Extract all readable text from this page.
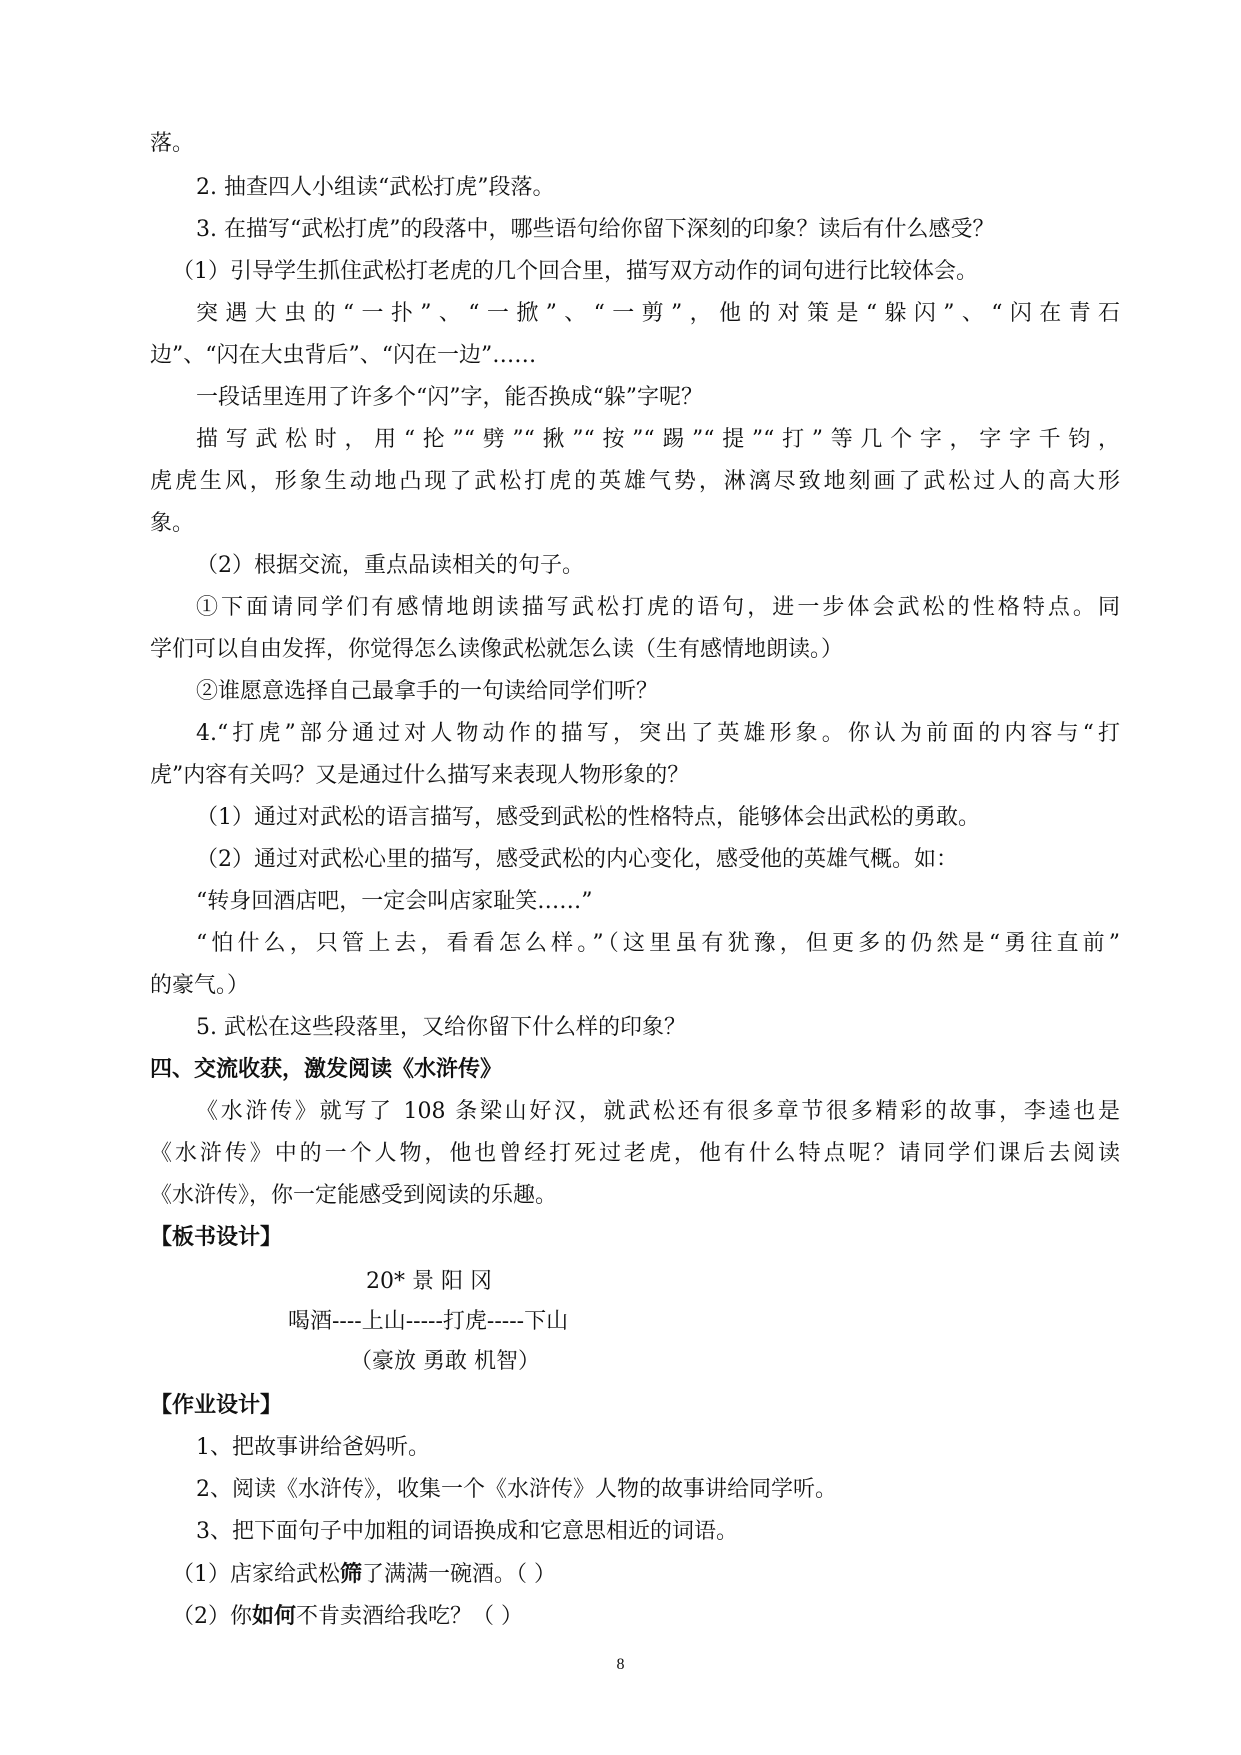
落。
2. 抽查四人小组读“武松打虎”段落。
3. 在描写“武松打虎”的段落中，哪些语句给你留下深刻的印象？读后有什么感受？
（1）引导学生抓住武松打老虎的几个回合里，描写双方动作的词句进行比较体会。
突遇大虫的“一扑”、“一掀”、“一剪”，他的对策是“躲闪”、“闪在青石
边”、“闪在大虫背后”、“闪在一边”……
一段话里连用了许多个“闪”字，能否换成“躲”字呢？
描写武松时，用“抡”“劈”“揪”“按”“踢”“提”“打”等几个字，字字千钧，
虎虎生风，形象生动地凸现了武松打虎的英雄气势，淋漓尽致地刻画了武松过人的高大形
象。
（2）根据交流，重点品读相关的句子。
①下面请同学们有感情地朗读描写武松打虎的语句，进一步体会武松的性格特点。同
学们可以自由发挥，你觉得怎么读像武松就怎么读（生有感情地朗读。）
②谁愿意选择自己最拿手的一句读给同学们听？
4.“打虎”部分通过对人物动作的描写，突出了英雄形象。你认为前面的内容与“打
虎”内容有关吗？又是通过什么描写来表现人物形象的？
（1）通过对武松的语言描写，感受到武松的性格特点，能够体会出武松的勇敢。
（2）通过对武松心里的描写，感受武松的内心变化，感受他的英雄气概。如：
“转身回酒店吧，一定会叫店家耻笑……”
“怕什么，只管上去，看看怎么样。”（这里虽有犹豫，但更多的仍然是“勇往直前”
的豪气。）
5. 武松在这些段落里，又给你留下什么样的印象？
四、交流收获，激发阅读《水浒传》
《水浒传》就写了 108 条梁山好汉，就武松还有很多章节很多精彩的故事，李逵也是
《水浒传》中的一个人物，他也曾经打死过老虎，他有什么特点呢？请同学们课后去阅读
《水浒传》，你一定能感受到阅读的乐趣。
【板书设计】
20* 景 阳 冈
喝酒----上山-----打虎-----下山
（豪放 勇敢 机智）
【作业设计】
1、把故事讲给爸妈听。
2、阅读《水浒传》，收集一个《水浒传》人物的故事讲给同学听。
3、把下面句子中加粗的词语换成和它意思相近的词语。
（1）店家给武松筛了满满一碗酒。（ ）
（2）你如何不肯卖酒给我吃？（ ）
8
